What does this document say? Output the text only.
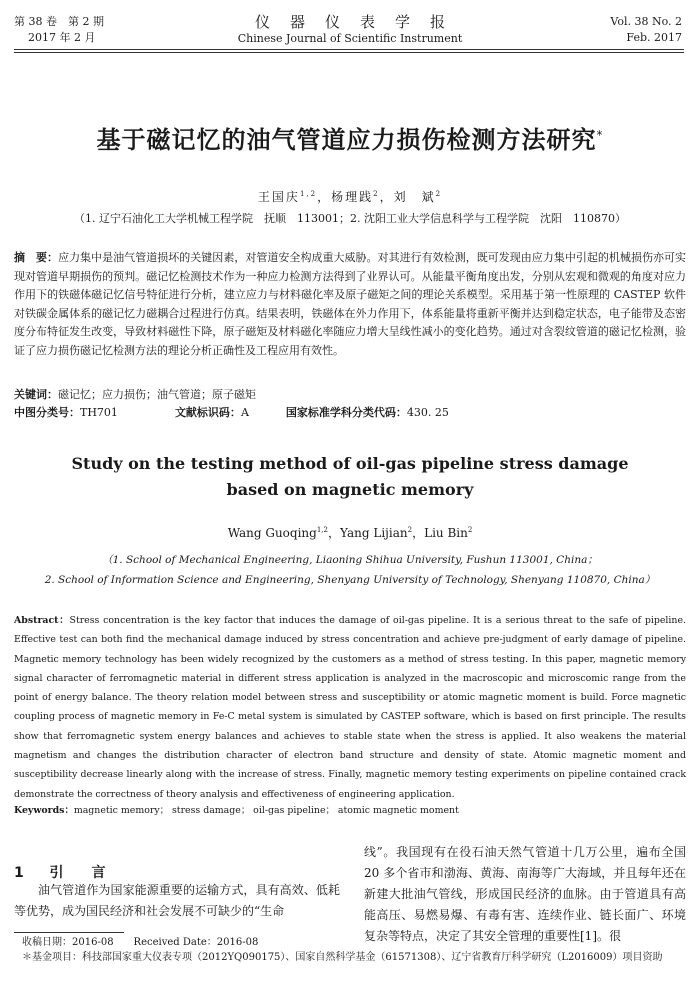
第 38 卷　第 2 期
2017 年 2 月
仪器仪表学报
Chinese Journal of Scientific Instrument
Vol. 38 No. 2
Feb. 2017
基于磁记忆的油气管道应力损伤检测方法研究*
王国庆$^{1,2}$，杨理践$^2$，刘　斌$^2$
（1. 辽宁石油化工大学机械工程学院　抚顺　113001；2. 沈阳工业大学信息科学与工程学院　沈阳　110870）
摘　要：应力集中是油气管道损坏的关键因素，对管道安全构成重大威胁。对其进行有效检测，既可发现由应力集中引起的机械损伤亦可实现对管道早期损伤的预判。磁记忆检测技术作为一种应力检测方法得到了业界认可。从能量平衡角度出发，分别从宏观和微观的角度对应力作用下的铁磁体磁记忆信号特征进行分析，建立应力与材料磁化率及原子磁矩之间的理论关系模型。采用基于第一性原理的 CASTEP 软件对铁碳金属体系的磁记忆力磁耦合过程进行仿真。结果表明，铁磁体在外力作用下，体系能量将重新平衡并达到稳定状态，电子能带及态密度分布特征发生改变，导致材料磁性下降，原子磁矩及材料磁化率随应力增大呈线性减小的变化趋势。通过对含裂纹管道的磁记忆检测，验证了应力损伤磁记忆检测方法的理论分析正确性及工程应用有效性。
关键词：磁记忆；应力损伤；油气管道；原子磁矩
中图分类号：TH701	文献标识码：A	国家标准学科分类代码：430. 25
Study on the testing method of oil-gas pipeline stress damage
based on magnetic memory
Wang Guoqing$^{1,2}$，Yang Lijian$^2$，Liu Bin$^2$
（1. School of Mechanical Engineering, Liaoning Shihua University, Fushun 113001, China；
2. School of Information Science and Engineering, Shenyang University of Technology, Shenyang 110870, China）
Abstract：Stress concentration is the key factor that induces the damage of oil-gas pipeline. It is a serious threat to the safe of pipeline. Effective test can both find the mechanical damage induced by stress concentration and achieve pre-judgment of early damage of pipeline. Magnetic memory technology has been widely recognized by the customers as a method of stress testing. In this paper, magnetic memory signal character of ferromagnetic material in different stress application is analyzed in the macroscopic and microscomic range from the point of energy balance. The theory relation model between stress and susceptibility or atomic magnetic moment is build. Force magnetic coupling process of magnetic memory in Fe-C metal system is simulated by CASTEP software, which is based on first principle. The results show that ferromagnetic system energy balances and achieves to stable state when the stress is applied. It also weakens the material magnetism and changes the distribution character of electron band structure and density of state. Atomic magnetic moment and susceptibility decrease linearly along with the increase of stress. Finally, magnetic memory testing experiments on pipeline contained crack demonstrate the correctness of theory analysis and effectiveness of engineering application.
Keywords：magnetic memory； stress damage； oil-gas pipeline； atomic magnetic moment
1 引　　言
油气管道作为国家能源重要的运输方式，具有高效、低耗等优势，成为国民经济和社会发展不可缺少的“生命
线”。我国现有在役石油天然气管道十几万公里，遍布全国 20 多个省市和渤海、黄海、南海等广大海域，并且每年还在新建大批油气管线，形成国民经济的血脉。由于管道具有高能高压、易燃易爆、有毒有害、连续作业、链长面广、环境复杂等特点，决定了其安全管理的重要性[1]。很
收稿日期：2016-08　　Received Date：2016-08
＊基金项目：科技部国家重大仪表专项（2012YQ090175）、国家自然科学基金（61571308）、辽宁省教育厅科学研究（L2016009）项目资助
